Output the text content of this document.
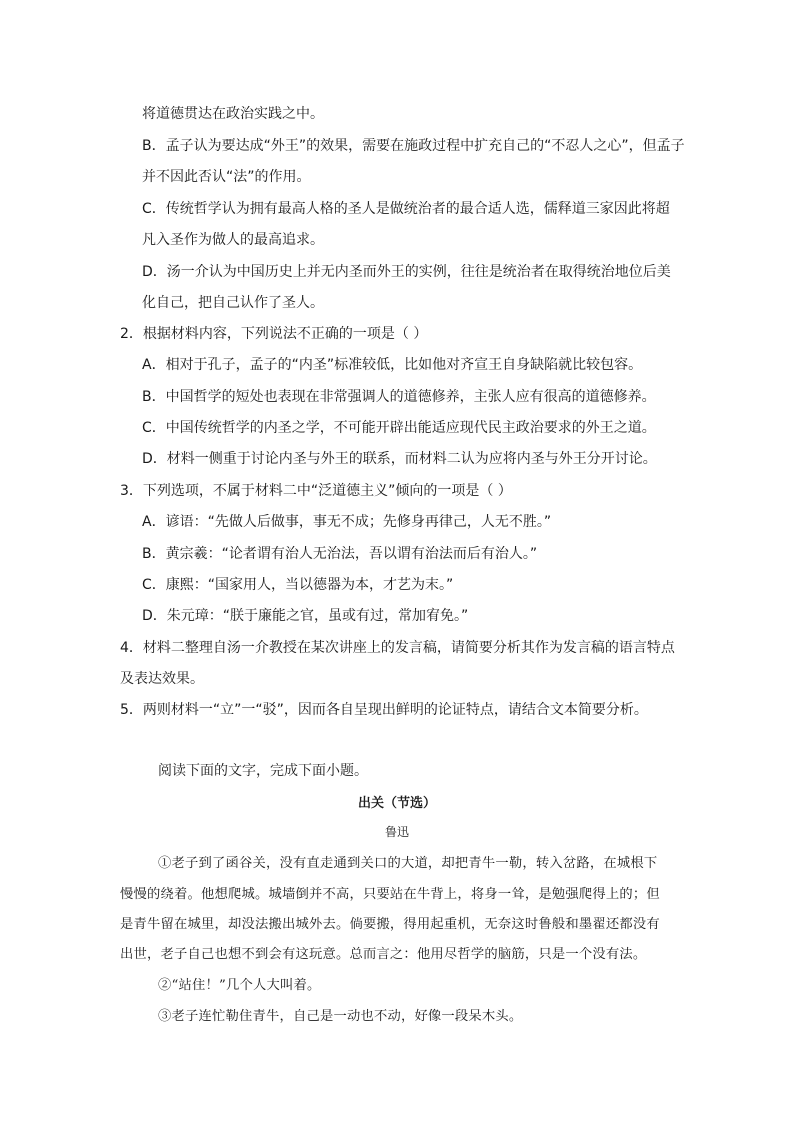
将道德贯达在政治实践之中。

B．孟子认为要达成“外王”的效果，需要在施政过程中扩充自己的“不忍人之心”，但孟子

并不因此否认“法”的作用。

C．传统哲学认为拥有最高人格的圣人是做统治者的最合适人选，儒释道三家因此将超

凡入圣作为做人的最高追求。

D．汤一介认为中国历史上并无内圣而外王的实例，往往是统治者在取得统治地位后美

化自己，把自己认作了圣人。

2．根据材料内容，下列说法不正确的一项是（ ）

A．相对于孔子，孟子的“内圣”标准较低，比如他对齐宣王自身缺陷就比较包容。

B．中国哲学的短处也表现在非常强调人的道德修养，主张人应有很高的道德修养。

C．中国传统哲学的内圣之学，不可能开辟出能适应现代民主政治要求的外王之道。

D．材料一侧重于讨论内圣与外王的联系，而材料二认为应将内圣与外王分开讨论。

3．下列选项，不属于材料二中“泛道德主义”倾向的一项是（ ）

A．谚语：“先做人后做事，事无不成；先修身再律己，人无不胜。”

B．黄宗羲：“论者谓有治人无治法，吾以谓有治法而后有治人。”

C．康熙：“国家用人，当以德器为本，才艺为末。”

D．朱元璋：“朕于廉能之官，虽或有过，常加宥免。”

4．材料二整理自汤一介教授在某次讲座上的发言稿，请简要分析其作为发言稿的语言特点

及表达效果。

5．两则材料一“立”一“驳”，因而各自呈现出鲜明的论证特点，请结合文本简要分析。

阅读下面的文字，完成下面小题。

出关（节选）

鲁迅

①老子到了函谷关，没有直走通到关口的大道，却把青牛一勒，转入岔路，在城根下

慢慢的绕着。他想爬城。城墙倒并不高，只要站在牛背上，将身一耸，是勉强爬得上的；但

是青牛留在城里，却没法搬出城外去。倘要搬，得用起重机，无奈这时鲁般和墨翟还都没有

出世，老子自己也想不到会有这玩意。总而言之：他用尽哲学的脑筋，只是一个没有法。

②“站住！”几个人大叫着。

③老子连忙勒住青牛，自己是一动也不动，好像一段呆木头。
